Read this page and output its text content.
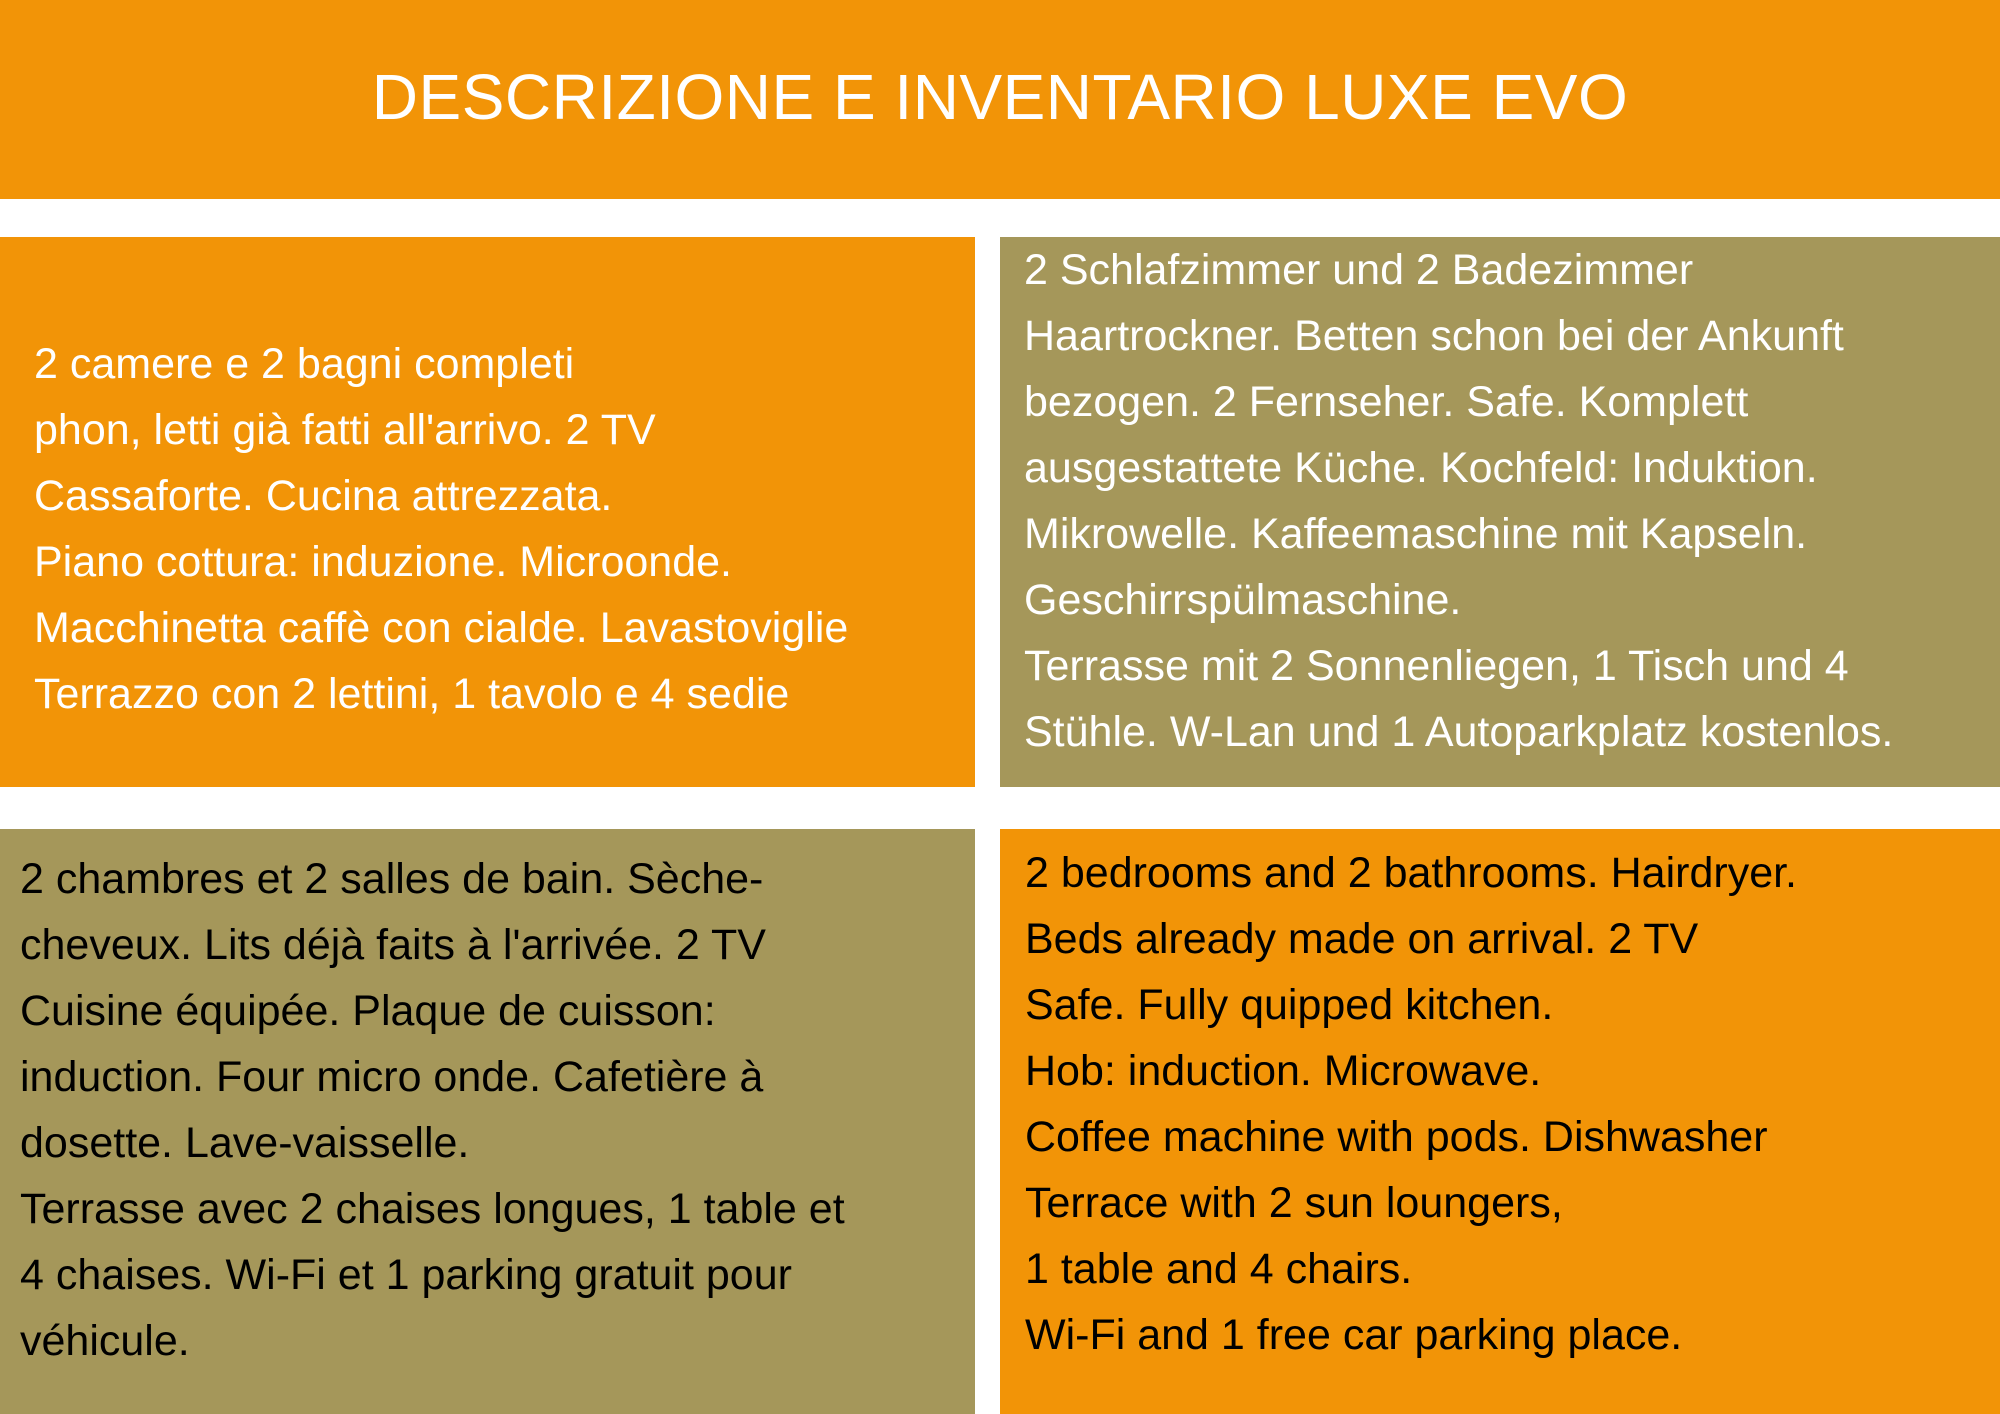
DESCRIZIONE E INVENTARIO LUXE EVO
2 camere e 2 bagni completi
phon, letti già fatti all'arrivo. 2 TV
Cassaforte. Cucina attrezzata.
Piano cottura: induzione. Microonde.
Macchinetta caffè con cialde. Lavastoviglie
Terrazzo con 2 lettini, 1 tavolo e 4 sedie
2 Schlafzimmer und 2 Badezimmer
Haartrockner. Betten schon bei der Ankunft
bezogen. 2 Fernseher. Safe. Komplett
ausgestattete Küche. Kochfeld: Induktion.
Mikrowelle. Kaffeemaschine mit Kapseln.
Geschirrspülmaschine.
Terrasse mit 2 Sonnenliegen, 1 Tisch und 4
Stühle. W-Lan und 1 Autoparkplatz kostenlos.
2 chambres et 2 salles de bain. Sèche-
cheveux. Lits déjà faits à l'arrivée. 2 TV
Cuisine équipée. Plaque de cuisson:
induction. Four micro onde. Cafetière à
dosette. Lave-vaisselle.
Terrasse avec 2 chaises longues, 1 table et
4 chaises. Wi-Fi et 1 parking gratuit pour
véhicule.
2 bedrooms and 2 bathrooms. Hairdryer.
Beds already made on arrival. 2 TV
Safe. Fully quipped kitchen.
Hob: induction. Microwave.
Coffee machine with pods. Dishwasher
Terrace with 2 sun loungers,
1 table and 4 chairs.
Wi-Fi and 1 free car parking place.
